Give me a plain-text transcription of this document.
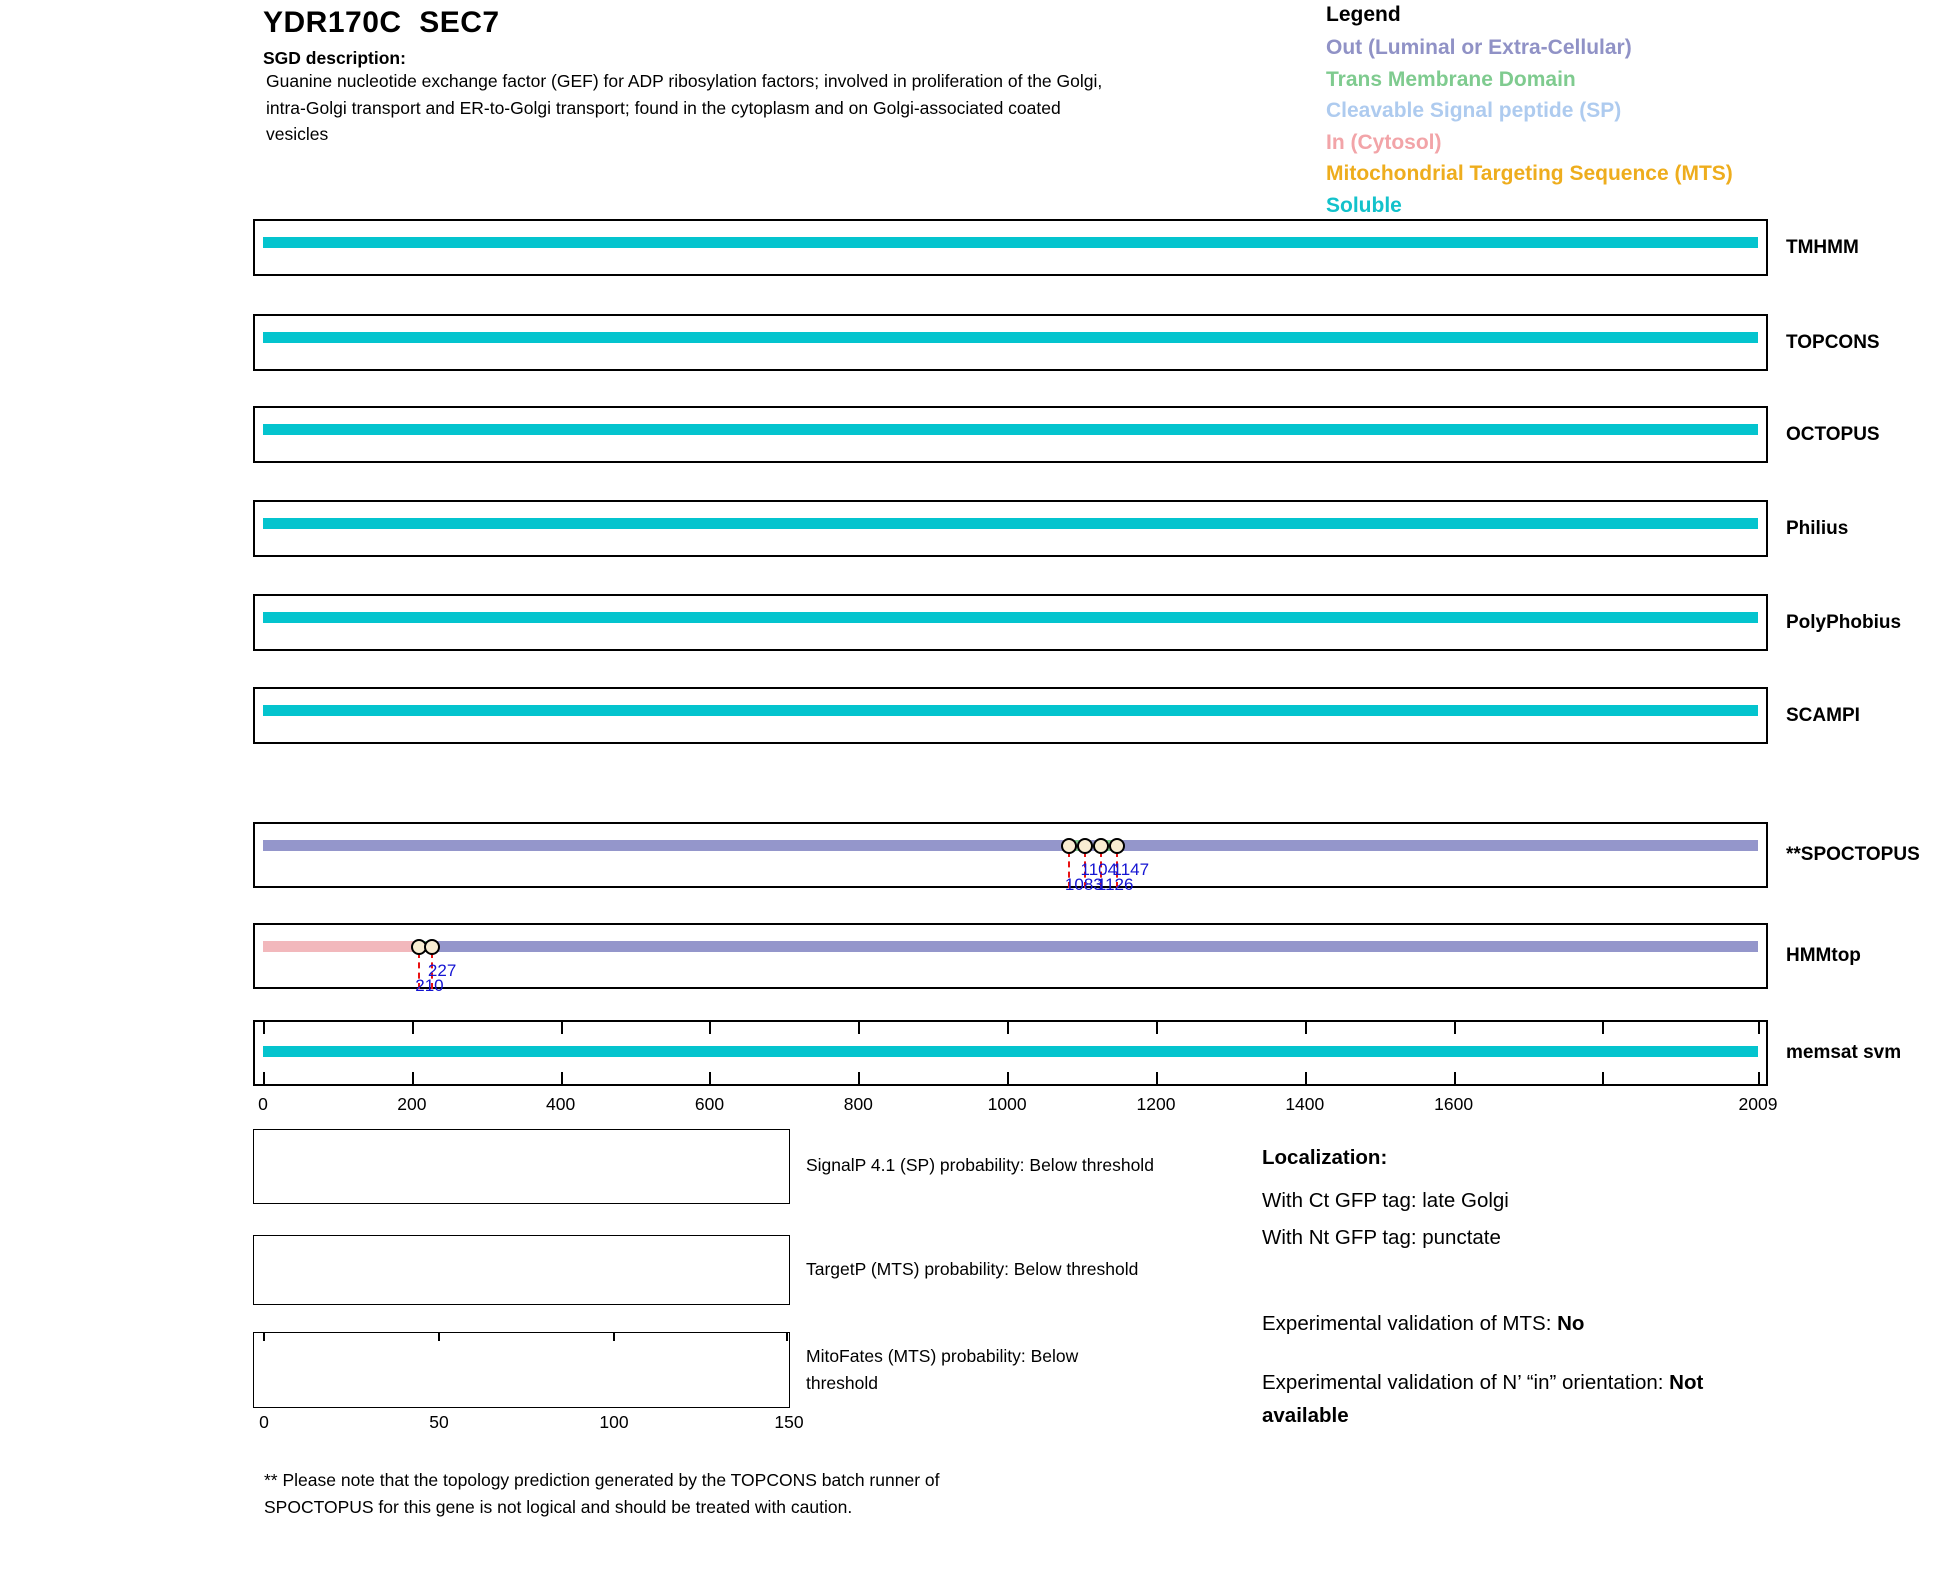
YDR170C  SEC7
SGD description:
Guanine nucleotide exchange factor (GEF) for ADP ribosylation factors; involved in proliferation of the Golgi,
intra-Golgi transport and ER-to-Golgi transport; found in the cytoplasm and on Golgi-associated coated
vesicles
Legend
Out (Luminal or Extra-Cellular)
Trans Membrane Domain
Cleavable Signal peptide (SP)
In (Cytosol)
Mitochondrial Targeting Sequence (MTS)
Soluble
TMHMM
TOPCONS
OCTOPUS
Philius
PolyPhobius
SCAMPI
1104
1147
1083
1126
**SPOCTOPUS
227
210
HMMtop
memsat svm
0	200	400	600	800	1000	1200	1400	1600	2009
SignalP 4.1 (SP) probability: Below threshold
TargetP (MTS) probability: Below threshold
MitoFates (MTS) probability: Below threshold
0	50	100	150
Localization:
With Ct GFP tag: late Golgi
With Nt GFP tag: punctate
Experimental validation of MTS: No
Experimental validation of N’ “in” orientation: Not available
** Please note that the topology prediction generated by the TOPCONS batch runner of
SPOCTOPUS for this gene is not logical and should be treated with caution.
